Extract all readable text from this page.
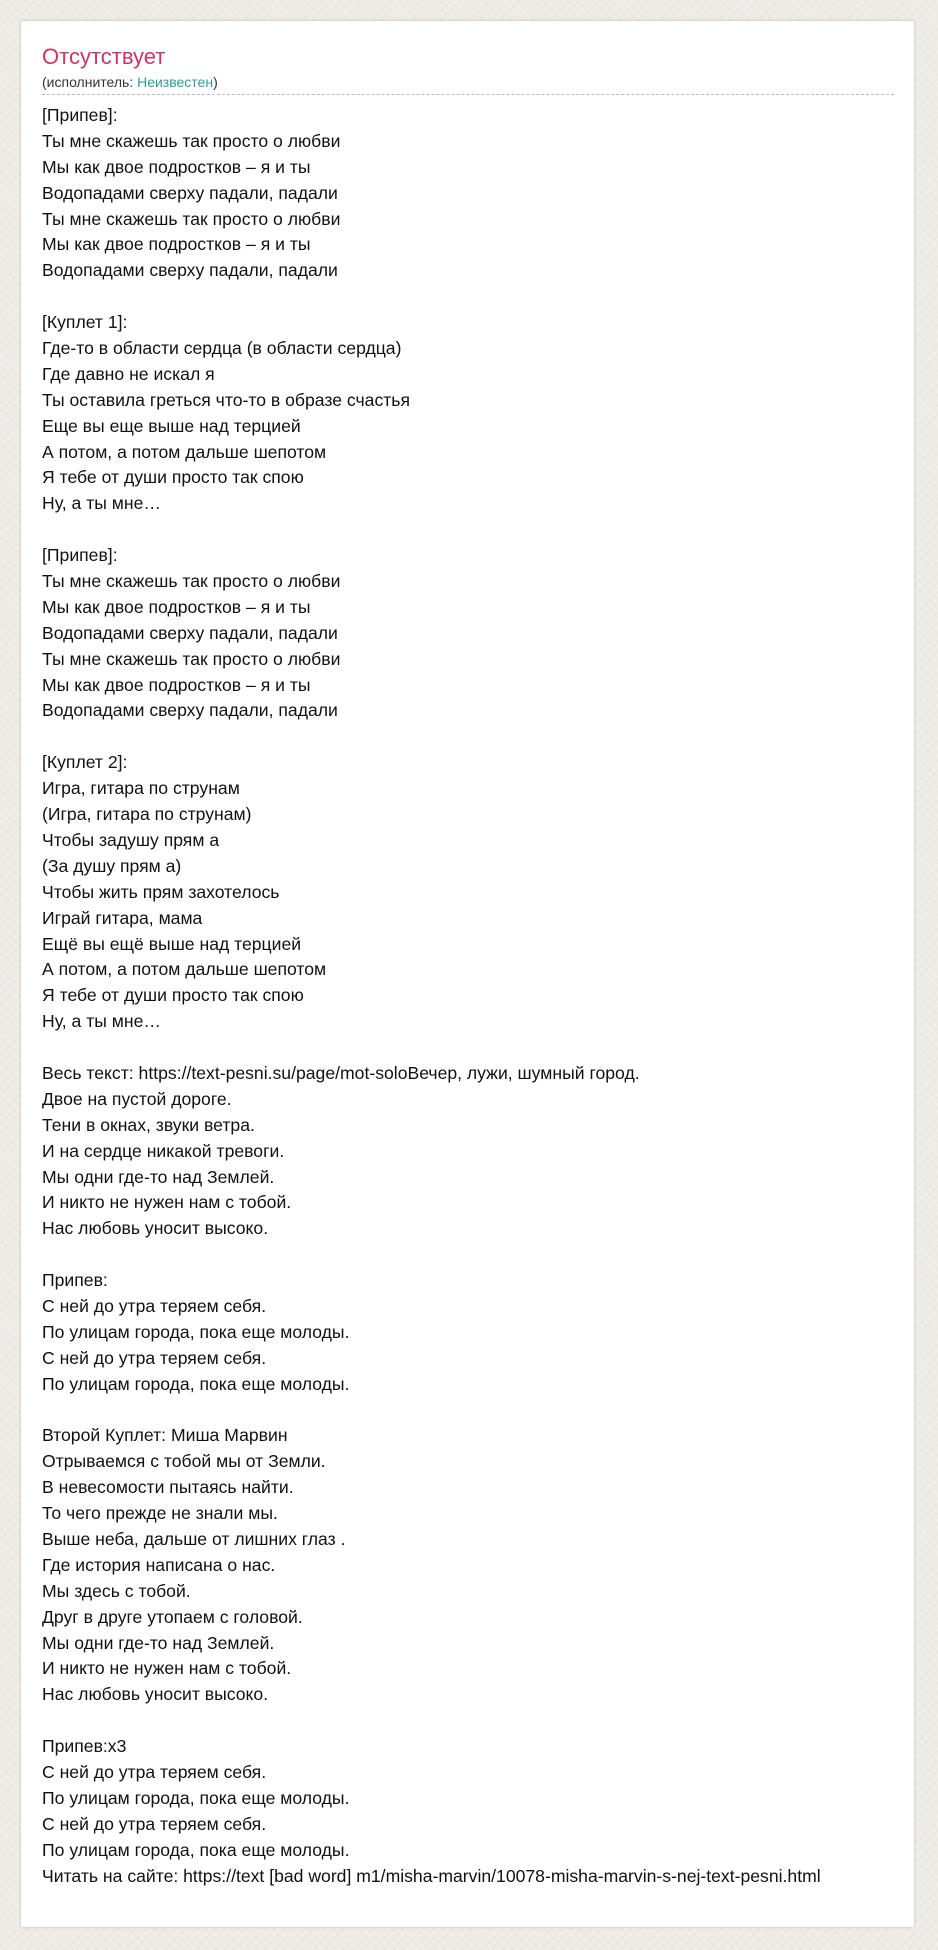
Отсутствует
(исполнитель: Неизвестен)
[Припев]:
Ты мне скажешь так просто о любви
Мы как двое подростков – я и ты
Водопадами сверху падали, падали
Ты мне скажешь так просто о любви
Мы как двое подростков – я и ты
Водопадами сверху падали, падали
[Куплет 1]:
Где-то в области сердца (в области сердца)
Где давно не искал я
Ты оставила греться что-то в образе счастья
Еще вы еще выше над терцией
А потом, а потом дальше шепотом
Я тебе от души просто так спою
Ну, а ты мне…
[Припев]:
Ты мне скажешь так просто о любви
Мы как двое подростков – я и ты
Водопадами сверху падали, падали
Ты мне скажешь так просто о любви
Мы как двое подростков – я и ты
Водопадами сверху падали, падали
[Куплет 2]:
Игра, гитара по струнам
(Игра, гитара по струнам)
Чтобы задушу прям а
(За душу прям а)
Чтобы жить прям захотелось
Играй гитара, мама
Ещё вы ещё выше над терцией
А потом, а потом дальше шепотом
Я тебе от души просто так спою
Ну, а ты мне…
Весь текст: https://text-pesni.su/page/mot-soloВечер, лужи, шумный город.
Двое на пустой дороге.
Тени в окнах, звуки ветра.
И на сердце никакой тревоги.
Мы одни где-то над Землей.
И никто не нужен нам с тобой.
Нас любовь уносит высоко.
Припев:
С ней до утра теряем себя.
По улицам города, пока еще молоды.
С ней до утра теряем себя.
По улицам города, пока еще молоды.
Второй Куплет: Миша Марвин
Отрываемся с тобой мы от Земли.
В невесомости пытаясь найти.
То чего прежде не знали мы.
Выше неба, дальше от лишних глаз .
Где история написана о нас.
Мы здесь с тобой.
Друг в друге утопаем с головой.
Мы одни где-то над Землей.
И никто не нужен нам с тобой.
Нас любовь уносит высоко.
Припев:x3
С ней до утра теряем себя.
По улицам города, пока еще молоды.
С ней до утра теряем себя.
По улицам города, пока еще молоды.
Читать на сайте: https://text [bad word] m1/misha-marvin/10078-misha-marvin-s-nej-text-pesni.html
